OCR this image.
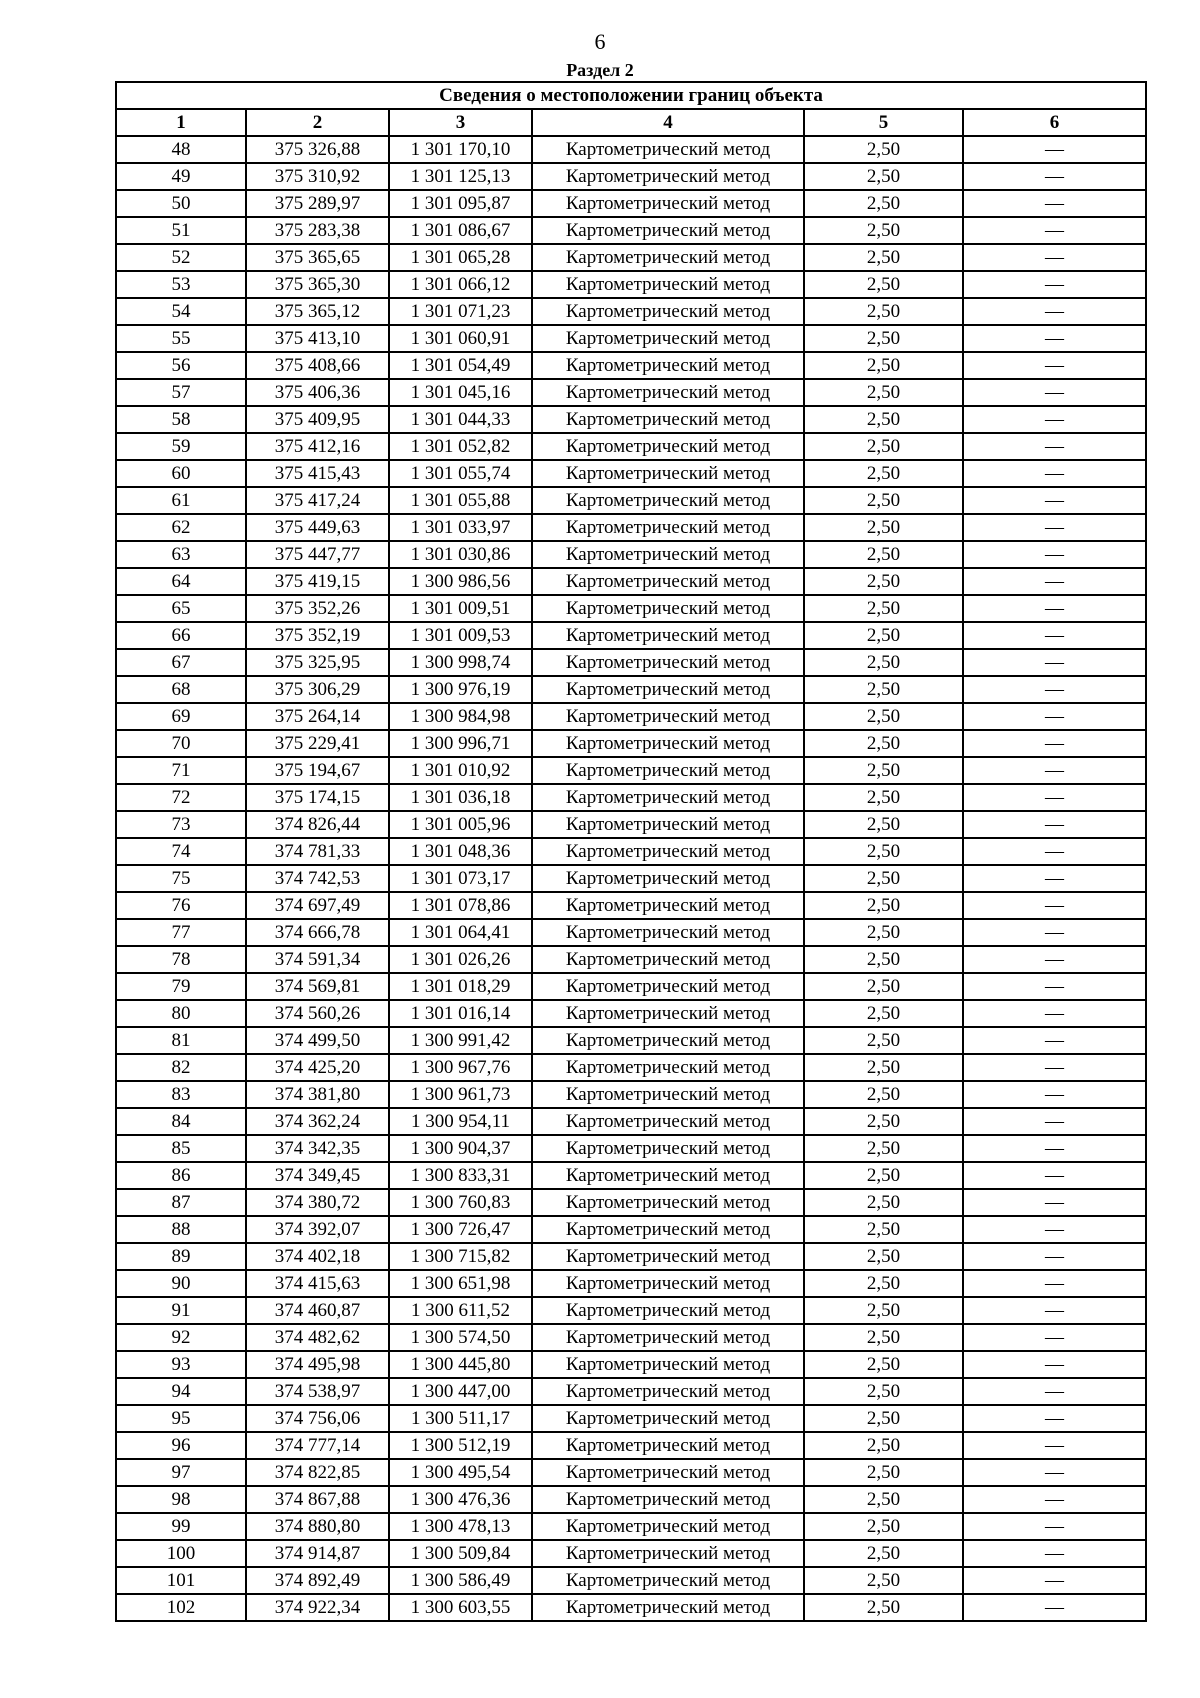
6
Раздел 2
Сведения о местоположении границ объекта					
1	2	3	4	5	6
48	375 326,88	1 301 170,10	Картометрический метод	2,50	—
49	375 310,92	1 301 125,13	Картометрический метод	2,50	—
50	375 289,97	1 301 095,87	Картометрический метод	2,50	—
51	375 283,38	1 301 086,67	Картометрический метод	2,50	—
52	375 365,65	1 301 065,28	Картометрический метод	2,50	—
53	375 365,30	1 301 066,12	Картометрический метод	2,50	—
54	375 365,12	1 301 071,23	Картометрический метод	2,50	—
55	375 413,10	1 301 060,91	Картометрический метод	2,50	—
56	375 408,66	1 301 054,49	Картометрический метод	2,50	—
57	375 406,36	1 301 045,16	Картометрический метод	2,50	—
58	375 409,95	1 301 044,33	Картометрический метод	2,50	—
59	375 412,16	1 301 052,82	Картометрический метод	2,50	—
60	375 415,43	1 301 055,74	Картометрический метод	2,50	—
61	375 417,24	1 301 055,88	Картометрический метод	2,50	—
62	375 449,63	1 301 033,97	Картометрический метод	2,50	—
63	375 447,77	1 301 030,86	Картометрический метод	2,50	—
64	375 419,15	1 300 986,56	Картометрический метод	2,50	—
65	375 352,26	1 301 009,51	Картометрический метод	2,50	—
66	375 352,19	1 301 009,53	Картометрический метод	2,50	—
67	375 325,95	1 300 998,74	Картометрический метод	2,50	—
68	375 306,29	1 300 976,19	Картометрический метод	2,50	—
69	375 264,14	1 300 984,98	Картометрический метод	2,50	—
70	375 229,41	1 300 996,71	Картометрический метод	2,50	—
71	375 194,67	1 301 010,92	Картометрический метод	2,50	—
72	375 174,15	1 301 036,18	Картометрический метод	2,50	—
73	374 826,44	1 301 005,96	Картометрический метод	2,50	—
74	374 781,33	1 301 048,36	Картометрический метод	2,50	—
75	374 742,53	1 301 073,17	Картометрический метод	2,50	—
76	374 697,49	1 301 078,86	Картометрический метод	2,50	—
77	374 666,78	1 301 064,41	Картометрический метод	2,50	—
78	374 591,34	1 301 026,26	Картометрический метод	2,50	—
79	374 569,81	1 301 018,29	Картометрический метод	2,50	—
80	374 560,26	1 301 016,14	Картометрический метод	2,50	—
81	374 499,50	1 300 991,42	Картометрический метод	2,50	—
82	374 425,20	1 300 967,76	Картометрический метод	2,50	—
83	374 381,80	1 300 961,73	Картометрический метод	2,50	—
84	374 362,24	1 300 954,11	Картометрический метод	2,50	—
85	374 342,35	1 300 904,37	Картометрический метод	2,50	—
86	374 349,45	1 300 833,31	Картометрический метод	2,50	—
87	374 380,72	1 300 760,83	Картометрический метод	2,50	—
88	374 392,07	1 300 726,47	Картометрический метод	2,50	—
89	374 402,18	1 300 715,82	Картометрический метод	2,50	—
90	374 415,63	1 300 651,98	Картометрический метод	2,50	—
91	374 460,87	1 300 611,52	Картометрический метод	2,50	—
92	374 482,62	1 300 574,50	Картометрический метод	2,50	—
93	374 495,98	1 300 445,80	Картометрический метод	2,50	—
94	374 538,97	1 300 447,00	Картометрический метод	2,50	—
95	374 756,06	1 300 511,17	Картометрический метод	2,50	—
96	374 777,14	1 300 512,19	Картометрический метод	2,50	—
97	374 822,85	1 300 495,54	Картометрический метод	2,50	—
98	374 867,88	1 300 476,36	Картометрический метод	2,50	—
99	374 880,80	1 300 478,13	Картометрический метод	2,50	—
100	374 914,87	1 300 509,84	Картометрический метод	2,50	—
101	374 892,49	1 300 586,49	Картометрический метод	2,50	—
102	374 922,34	1 300 603,55	Картометрический метод	2,50	—
